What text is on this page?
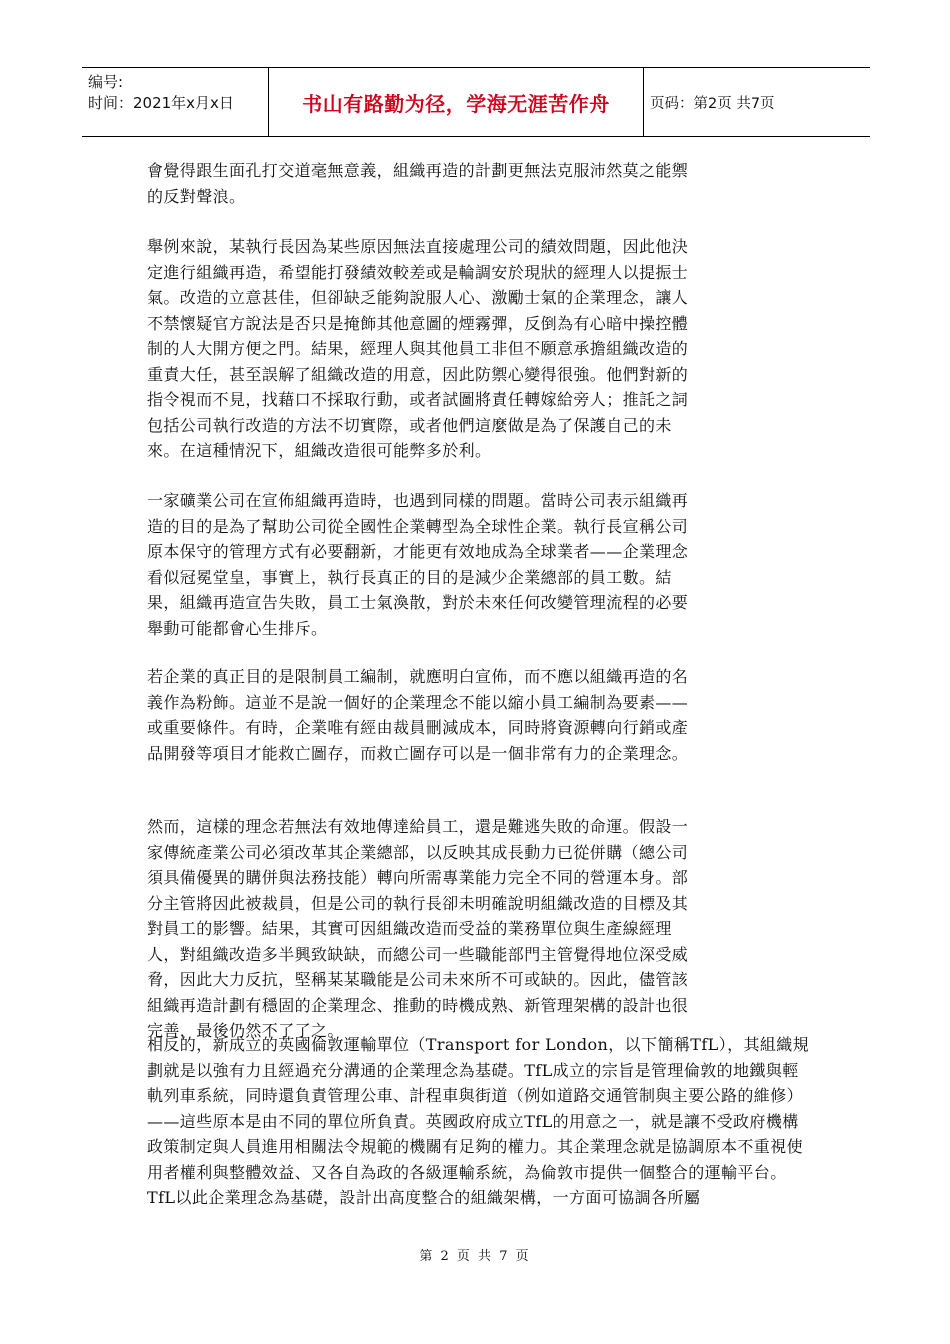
编号:
时间：2021年x月x日	书山有路勤为径，学海无涯苦作舟	页码：第2页 共7页

會覺得跟生面孔打交道毫無意義，組織再造的計劃更無法克服沛然莫之能禦的反對聲浪。

舉例來說，某執行長因為某些原因無法直接處理公司的績效問題，因此他決定進行組織再造，希望能打發績效較差或是輪調安於現狀的經理人以提振士氣。改造的立意甚佳，但卻缺乏能夠說服人心、激勵士氣的企業理念，讓人不禁懷疑官方說法是否只是掩飾其他意圖的煙霧彈，反倒為有心暗中操控體制的人大開方便之門。結果，經理人與其他員工非但不願意承擔組織改造的重責大任，甚至誤解了組織改造的用意，因此防禦心變得很強。他們對新的指令視而不見，找藉口不採取行動，或者試圖將責任轉嫁給旁人；推託之詞包括公司執行改造的方法不切實際，或者他們這麼做是為了保護自己的未來。在這種情況下，組織改造很可能弊多於利。

一家礦業公司在宣佈組織再造時，也遇到同樣的問題。當時公司表示組織再造的目的是為了幫助公司從全國性企業轉型為全球性企業。執行長宣稱公司原本保守的管理方式有必要翻新，才能更有效地成為全球業者——企業理念看似冠冕堂皇，事實上，執行長真正的目的是減少企業總部的員工數。結果，組織再造宣告失敗，員工士氣渙散，對於未來任何改變管理流程的必要舉動可能都會心生排斥。

若企業的真正目的是限制員工編制，就應明白宣佈，而不應以組織再造的名義作為粉飾。這並不是說一個好的企業理念不能以縮小員工編制為要素——或重要條件。有時，企業唯有經由裁員刪減成本，同時將資源轉向行銷或產品開發等項目才能救亡圖存，而救亡圖存可以是一個非常有力的企業理念。

然而，這樣的理念若無法有效地傳達給員工，還是難逃失敗的命運。假設一家傳統產業公司必須改革其企業總部，以反映其成長動力已從併購（總公司須具備優異的購併與法務技能）轉向所需專業能力完全不同的營運本身。部分主管將因此被裁員，但是公司的執行長卻未明確說明組織改造的目標及其對員工的影響。結果，其實可因組織改造而受益的業務單位與生產線經理人，對組織改造多半興致缺缺，而總公司一些職能部門主管覺得地位深受威脅，因此大力反抗，堅稱某某職能是公司未來所不可或缺的。因此，儘管該組織再造計劃有穩固的企業理念、推動的時機成熟、新管理架構的設計也很完善，最後仍然不了了之。

相反的，新成立的英國倫敦運輸單位（Transport for London，以下簡稱TfL），其組織規劃就是以強有力且經過充分溝通的企業理念為基礎。TfL成立的宗旨是管理倫敦的地鐵與輕軌列車系統，同時還負責管理公車、計程車與街道（例如道路交通管制與主要公路的維修）——這些原本是由不同的單位所負責。英國政府成立TfL的用意之一，就是讓不受政府機構政策制定與人員進用相關法令規範的機關有足夠的權力。其企業理念就是協調原本不重視使用者權利與整體效益、又各自為政的各級運輸系統，為倫敦市提供一個整合的運輸平台。TfL以此企業理念為基礎，設計出高度整合的組織架構，一方面可協調各所屬

第 2 页 共 7 页
